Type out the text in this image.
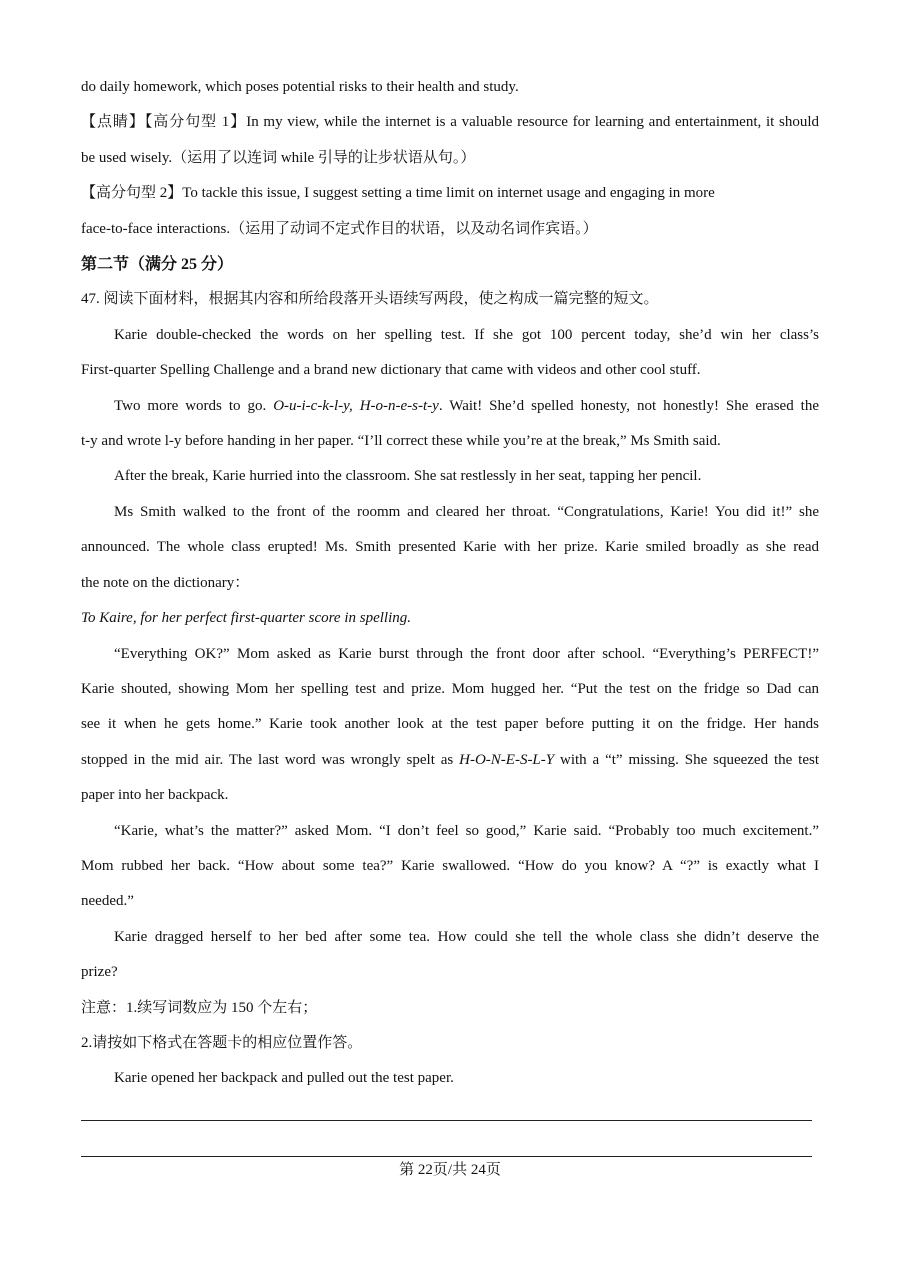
do daily homework, which poses potential risks to their health and study.
【点睛】【高分句型 1】In my view, while the internet is a valuable resource for learning and entertainment, it should
be used wisely.（运用了以连词 while 引导的让步状语从句。）
【高分句型 2】To tackle this issue, I suggest setting a time limit on internet usage and engaging in more
face-to-face interactions.（运用了动词不定式作目的状语，以及动名词作宾语。）
第二节（满分 25 分）
47. 阅读下面材料，根据其内容和所给段落开头语续写两段，使之构成一篇完整的短文。
Karie double-checked the words on her spelling test. If she got 100 percent today, she’d win her class’s
First-quarter Spelling Challenge and a brand new dictionary that came with videos and other cool stuff.
Two more words to go. O-u-i-c-k-l-y, H-o-n-e-s-t-y. Wait! She’d spelled honesty, not honestly! She erased the
t-y and wrote l-y before handing in her paper. “I’ll correct these while you’re at the break,” Ms Smith said.
After the break, Karie hurried into the classroom. She sat restlessly in her seat, tapping her pencil.
Ms Smith walked to the front of the roomm and cleared her throat. “Congratulations, Karie! You did it!” she
announced. The whole class erupted! Ms. Smith presented Karie with her prize. Karie smiled broadly as she read
the note on the dictionary：
To Kaire, for her perfect first-quarter score in spelling.
“Everything OK?” Mom asked as Karie burst through the front door after school. “Everything’s PERFECT!”
Karie shouted, showing Mom her spelling test and prize. Mom hugged her. “Put the test on the fridge so Dad can
see it when he gets home.” Karie took another look at the test paper before putting it on the fridge. Her hands
stopped in the mid air. The last word was wrongly spelt as H-O-N-E-S-L-Y with a “t” missing. She squeezed the test
paper into her backpack.
“Karie, what’s the matter?” asked Mom. “I don’t feel so good,” Karie said. “Probably too much excitement.”
Mom rubbed her back. “How about some tea?” Karie swallowed. “How do you know? A “?” is exactly what I
needed.”
Karie dragged herself to her bed after some tea. How could she tell the whole class she didn’t deserve the
prize?
注意：1.续写词数应为 150 个左右；
2.请按如下格式在答题卡的相应位置作答。
Karie opened her backpack and pulled out the test paper.
第 22页/共 24页
